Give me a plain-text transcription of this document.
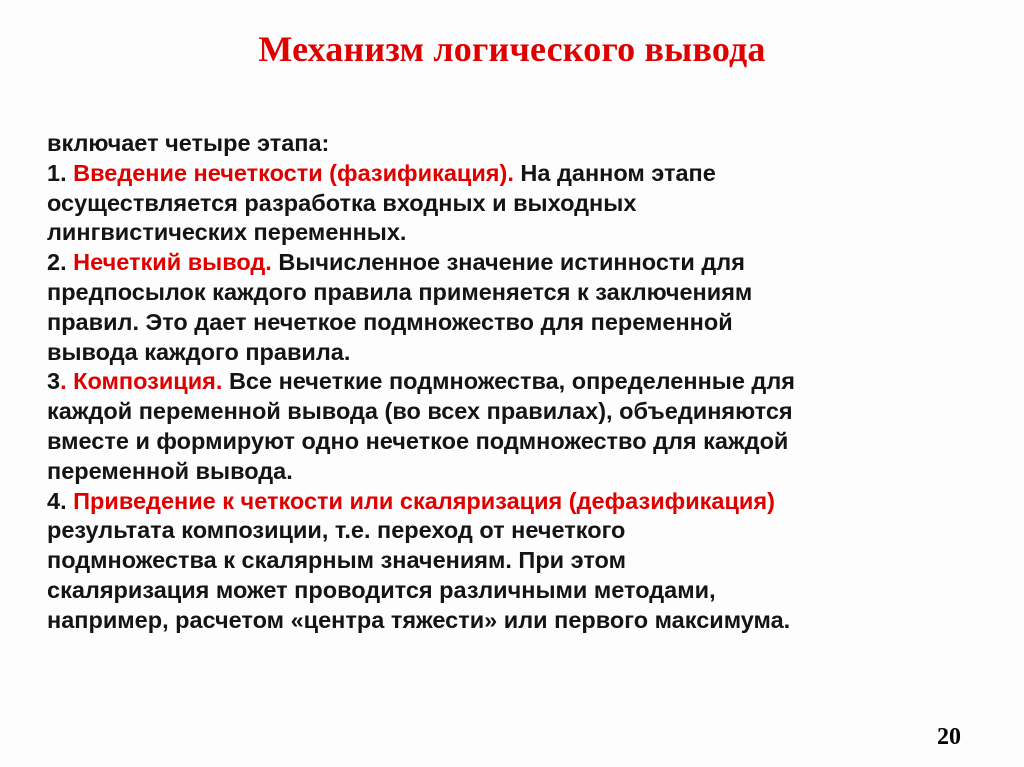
Механизм логического вывода
включает четыре этапа:
1. Введение нечеткости (фазификация). На данном этапе
осуществляется разработка входных и выходных
лингвистических переменных.
2. Нечеткий вывод. Вычисленное значение истинности для
предпосылок каждого правила применяется к заключениям
правил. Это дает нечеткое подмножество для переменной
вывода каждого правила.
3. Композиция. Все нечеткие подмножества, определенные для
каждой переменной вывода (во всех правилах), объединяются
вместе и формируют одно нечеткое подмножество для каждой
переменной вывода.
4. Приведение к четкости или скаляризация (дефазификация)
результата композиции, т.е. переход от нечеткого
подмножества к скалярным значениям. При этом
скаляризация может проводится различными методами,
например, расчетом «центра тяжести» или первого максимума.
20
